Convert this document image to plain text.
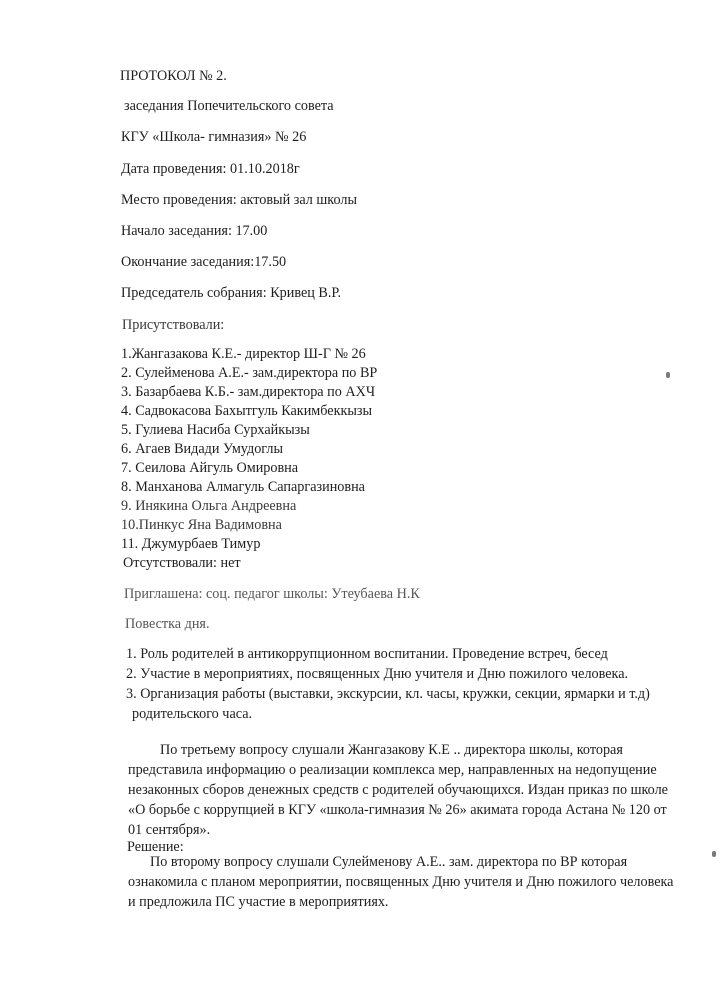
ПРОТОКОЛ № 2.
заседания Попечительского совета
КГУ «Школа- гимназия» № 26
Дата проведения: 01.10.2018г
Место проведения: актовый зал школы
Начало заседания: 17.00
Окончание заседания:17.50
Председатель собрания: Кривец В.Р.
Присутствовали:
1.Жангазакова К.Е.- директор Ш-Г № 26
2. Сулейменова А.Е.- зам.директора по ВР
3. Базарбаева К.Б.- зам.директора по АХЧ
4. Садвокасова Бахытгуль Какимбеккызы
5. Гулиева Насиба Сурхайкызы
6. Агаев Видади Умудоглы
7. Сеилова Айгуль Омировна
8. Манханова Алмагуль Сапаргазиновна
9. Инякина Ольга Андреевна
10.Пинкус Яна Вадимовна
11. Джумурбаев Тимур
Отсутствовали: нет
Приглашена: соц. педагог школы: Утеубаева Н.К
Повестка дня.
1. Роль родителей в антикоррупционном воспитании. Проведение встреч, бесед
2. Участие в мероприятиях, посвященных Дню учителя и Дню пожилого человека.
3. Организация работы (выставки, экскурсии, кл. часы, кружки, секции, ярмарки и т.д)
родительского часа.
По третьему вопросу слушали Жангазакову К.Е .. директора школы, которая
представила информацию о реализации комплекса мер, направленных на недопущение
незаконных сборов денежных средств с родителей обучающихся. Издан приказ по школе
«О борьбе с коррупцией в КГУ «школа-гимназия № 26» акимата города Астана № 120 от
01 сентября».
Решение:
По второму вопросу слушали Сулейменову А.Е.. зам. директора по ВР которая
ознакомила с планом мероприятии, посвященных Дню учителя и Дню пожилого человека
и предложила ПС участие в мероприятиях.
